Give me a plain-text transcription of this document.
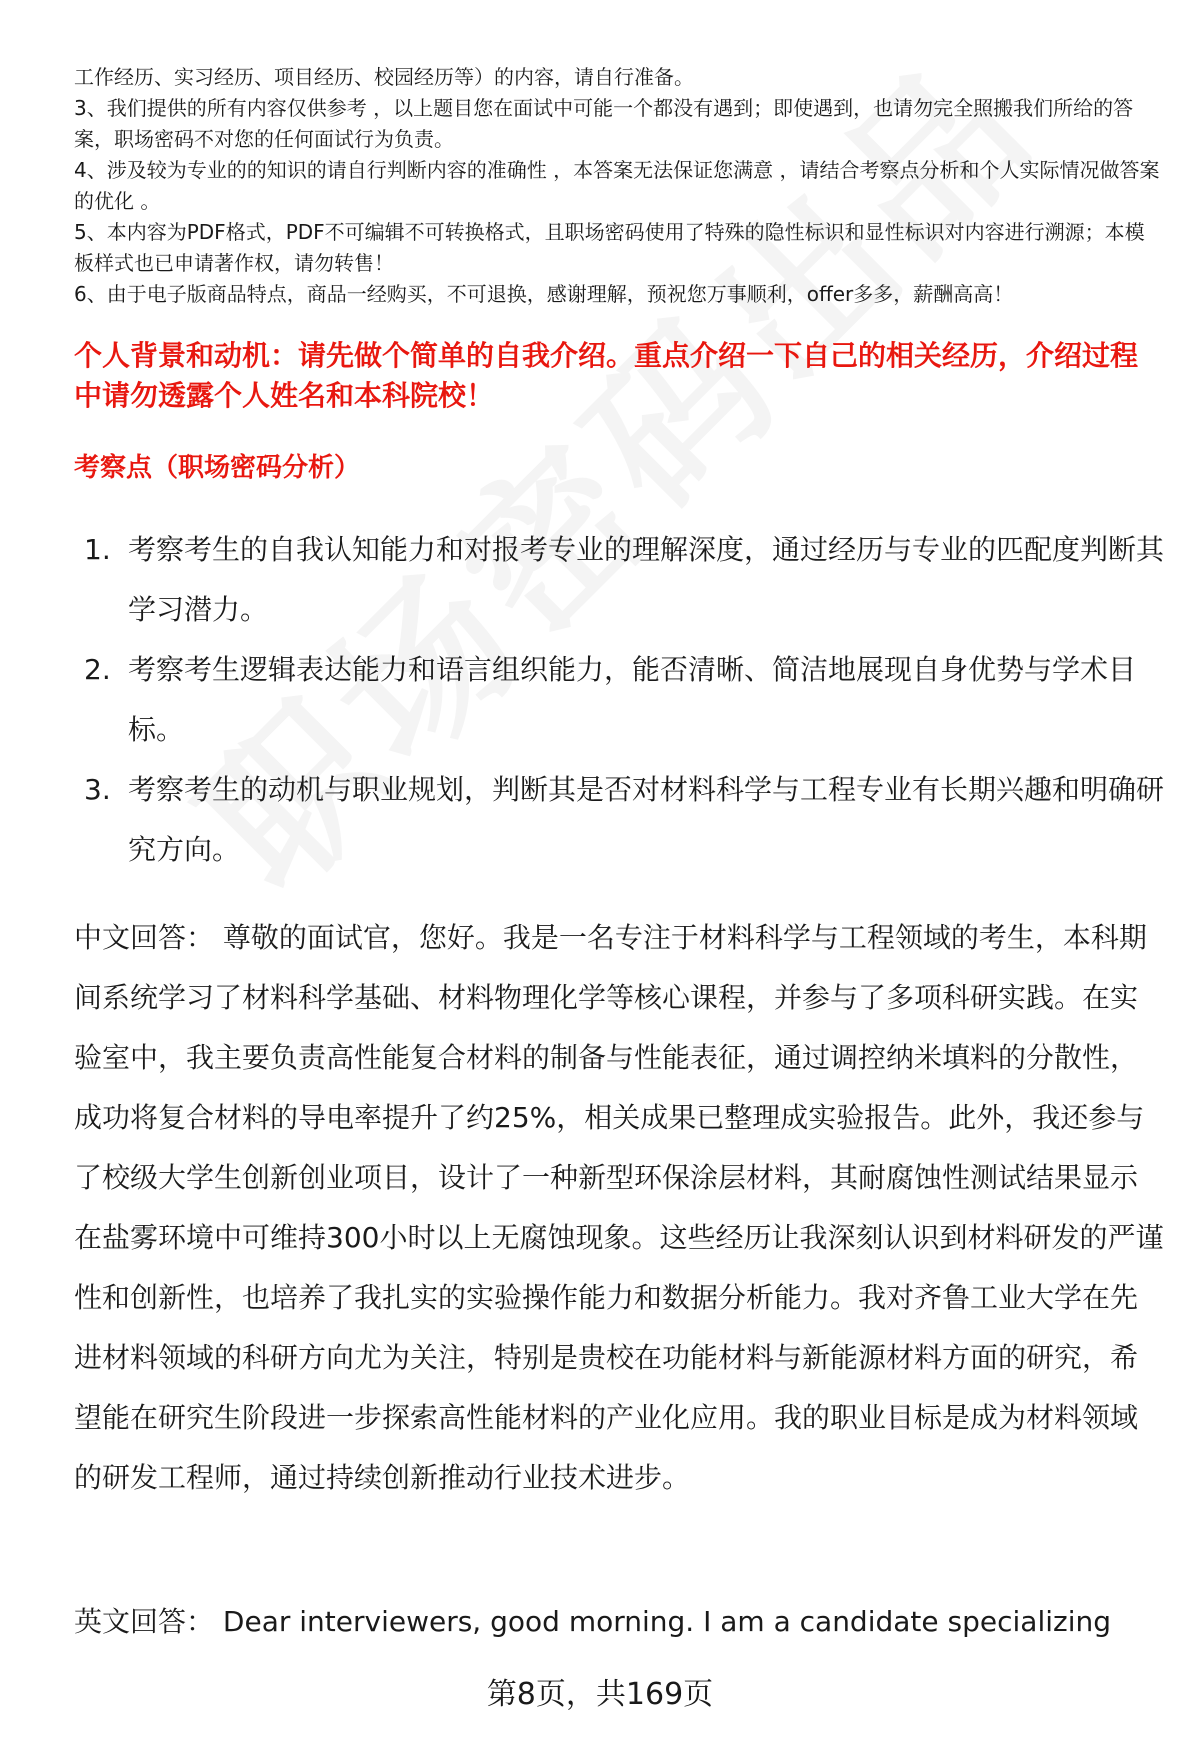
工作经历、实习经历、项目经历、校园经历等）的内容，请自行准备。

3、我们提供的所有内容仅供参考 ，以上题目您在面试中可能一个都没有遇到；即使遇到，也请勿完全照搬我们所给的答案，职场密码不对您的任何面试行为负责。

4、涉及较为专业的的知识的请自行判断内容的准确性 ，本答案无法保证您满意 ，请结合考察点分析和个人实际情况做答案的优化 。

5、本内容为PDF格式，PDF不可编辑不可转换格式，且职场密码使用了特殊的隐性标识和显性标识对内容进行溯源；本模板样式也已申请著作权，请勿转售！

6、由于电子版商品特点，商品一经购买，不可退换，感谢理解，预祝您万事顺利，offer多多，薪酬高高！

个人背景和动机：请先做个简单的自我介绍。重点介绍一下自己的相关经历，介绍过程中请勿透露个人姓名和本科院校！

考察点（职场密码分析）

1. 考察考生的自我认知能力和对报考专业的理解深度，通过经历与专业的匹配度判断其学习潜力。
2. 考察考生逻辑表达能力和语言组织能力，能否清晰、简洁地展现自身优势与学术目标。
3. 考察考生的动机与职业规划，判断其是否对材料科学与工程专业有长期兴趣和明确研究方向。

中文回答： 尊敬的面试官，您好。我是一名专注于材料科学与工程领域的考生，本科期间系统学习了材料科学基础、材料物理化学等核心课程，并参与了多项科研实践。在实验室中，我主要负责高性能复合材料的制备与性能表征，通过调控纳米填料的分散性，成功将复合材料的导电率提升了约25%，相关成果已整理成实验报告。此外，我还参与了校级大学生创新创业项目，设计了一种新型环保涂层材料，其耐腐蚀性测试结果显示在盐雾环境中可维持300小时以上无腐蚀现象。这些经历让我深刻认识到材料研发的严谨性和创新性，也培养了我扎实的实验操作能力和数据分析能力。我对齐鲁工业大学在先进材料领域的科研方向尤为关注，特别是贵校在功能材料与新能源材料方面的研究，希望能在研究生阶段进一步探索高性能材料的产业化应用。我的职业目标是成为材料领域的研发工程师，通过持续创新推动行业技术进步。

英文回答： Dear interviewers, good morning. I am a candidate specializing

第8页，共169页
